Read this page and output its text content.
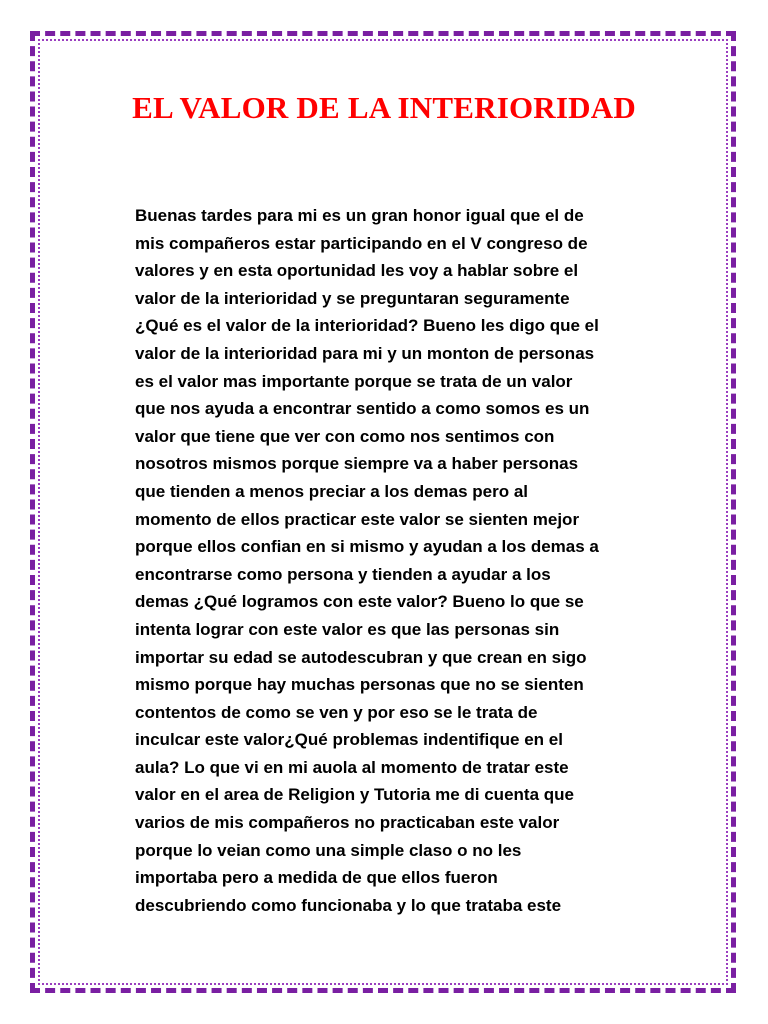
EL VALOR DE LA INTERIORIDAD
Buenas tardes para mi es un gran honor igual que el de
mis compañeros estar participando en el V congreso de
valores y en esta oportunidad les voy a hablar sobre el
valor de la interioridad y se preguntaran seguramente
¿Qué es el valor de la interioridad? Bueno les digo que el
valor de la interioridad para mi y un monton de personas
es el valor mas importante porque se trata de un valor
que nos ayuda a encontrar sentido a como somos es un
valor que tiene que ver con como nos sentimos con
nosotros mismos porque siempre va a haber personas
que tienden a menos preciar a los demas pero al
momento de ellos practicar este valor se sienten mejor
porque ellos confian en si mismo y ayudan a los demas a
encontrarse como persona y tienden a ayudar a los
demas ¿Qué logramos con este valor? Bueno lo que se
intenta lograr con este valor es que las personas sin
importar su edad se autodescubran y que crean en sigo
mismo porque hay muchas personas que no se sienten
contentos de como se ven y por eso se le trata de
inculcar este valor¿Qué problemas indentifique en el
aula? Lo que vi en mi auola al momento de tratar este
valor en el area de Religion y Tutoria me di cuenta que
varios de mis compañeros no practicaban este valor
porque lo veian como una simple claso o no les
importaba pero a medida de que ellos fueron
descubriendo como funcionaba y lo que trataba este
